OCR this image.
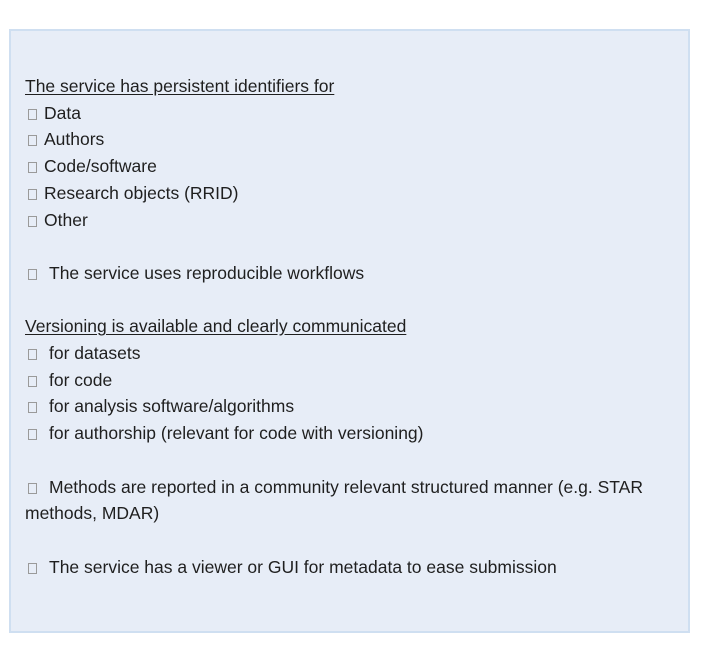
The service has persistent identifiers for
Data
Authors
Code/software
Research objects (RRID)
Other
The service uses reproducible workflows
Versioning is available and clearly communicated
for datasets
for code
for analysis software/algorithms
for authorship (relevant for code with versioning)
Methods are reported in a community relevant structured manner (e.g. STAR methods, MDAR)
The service has a viewer or GUI for metadata to ease submission
